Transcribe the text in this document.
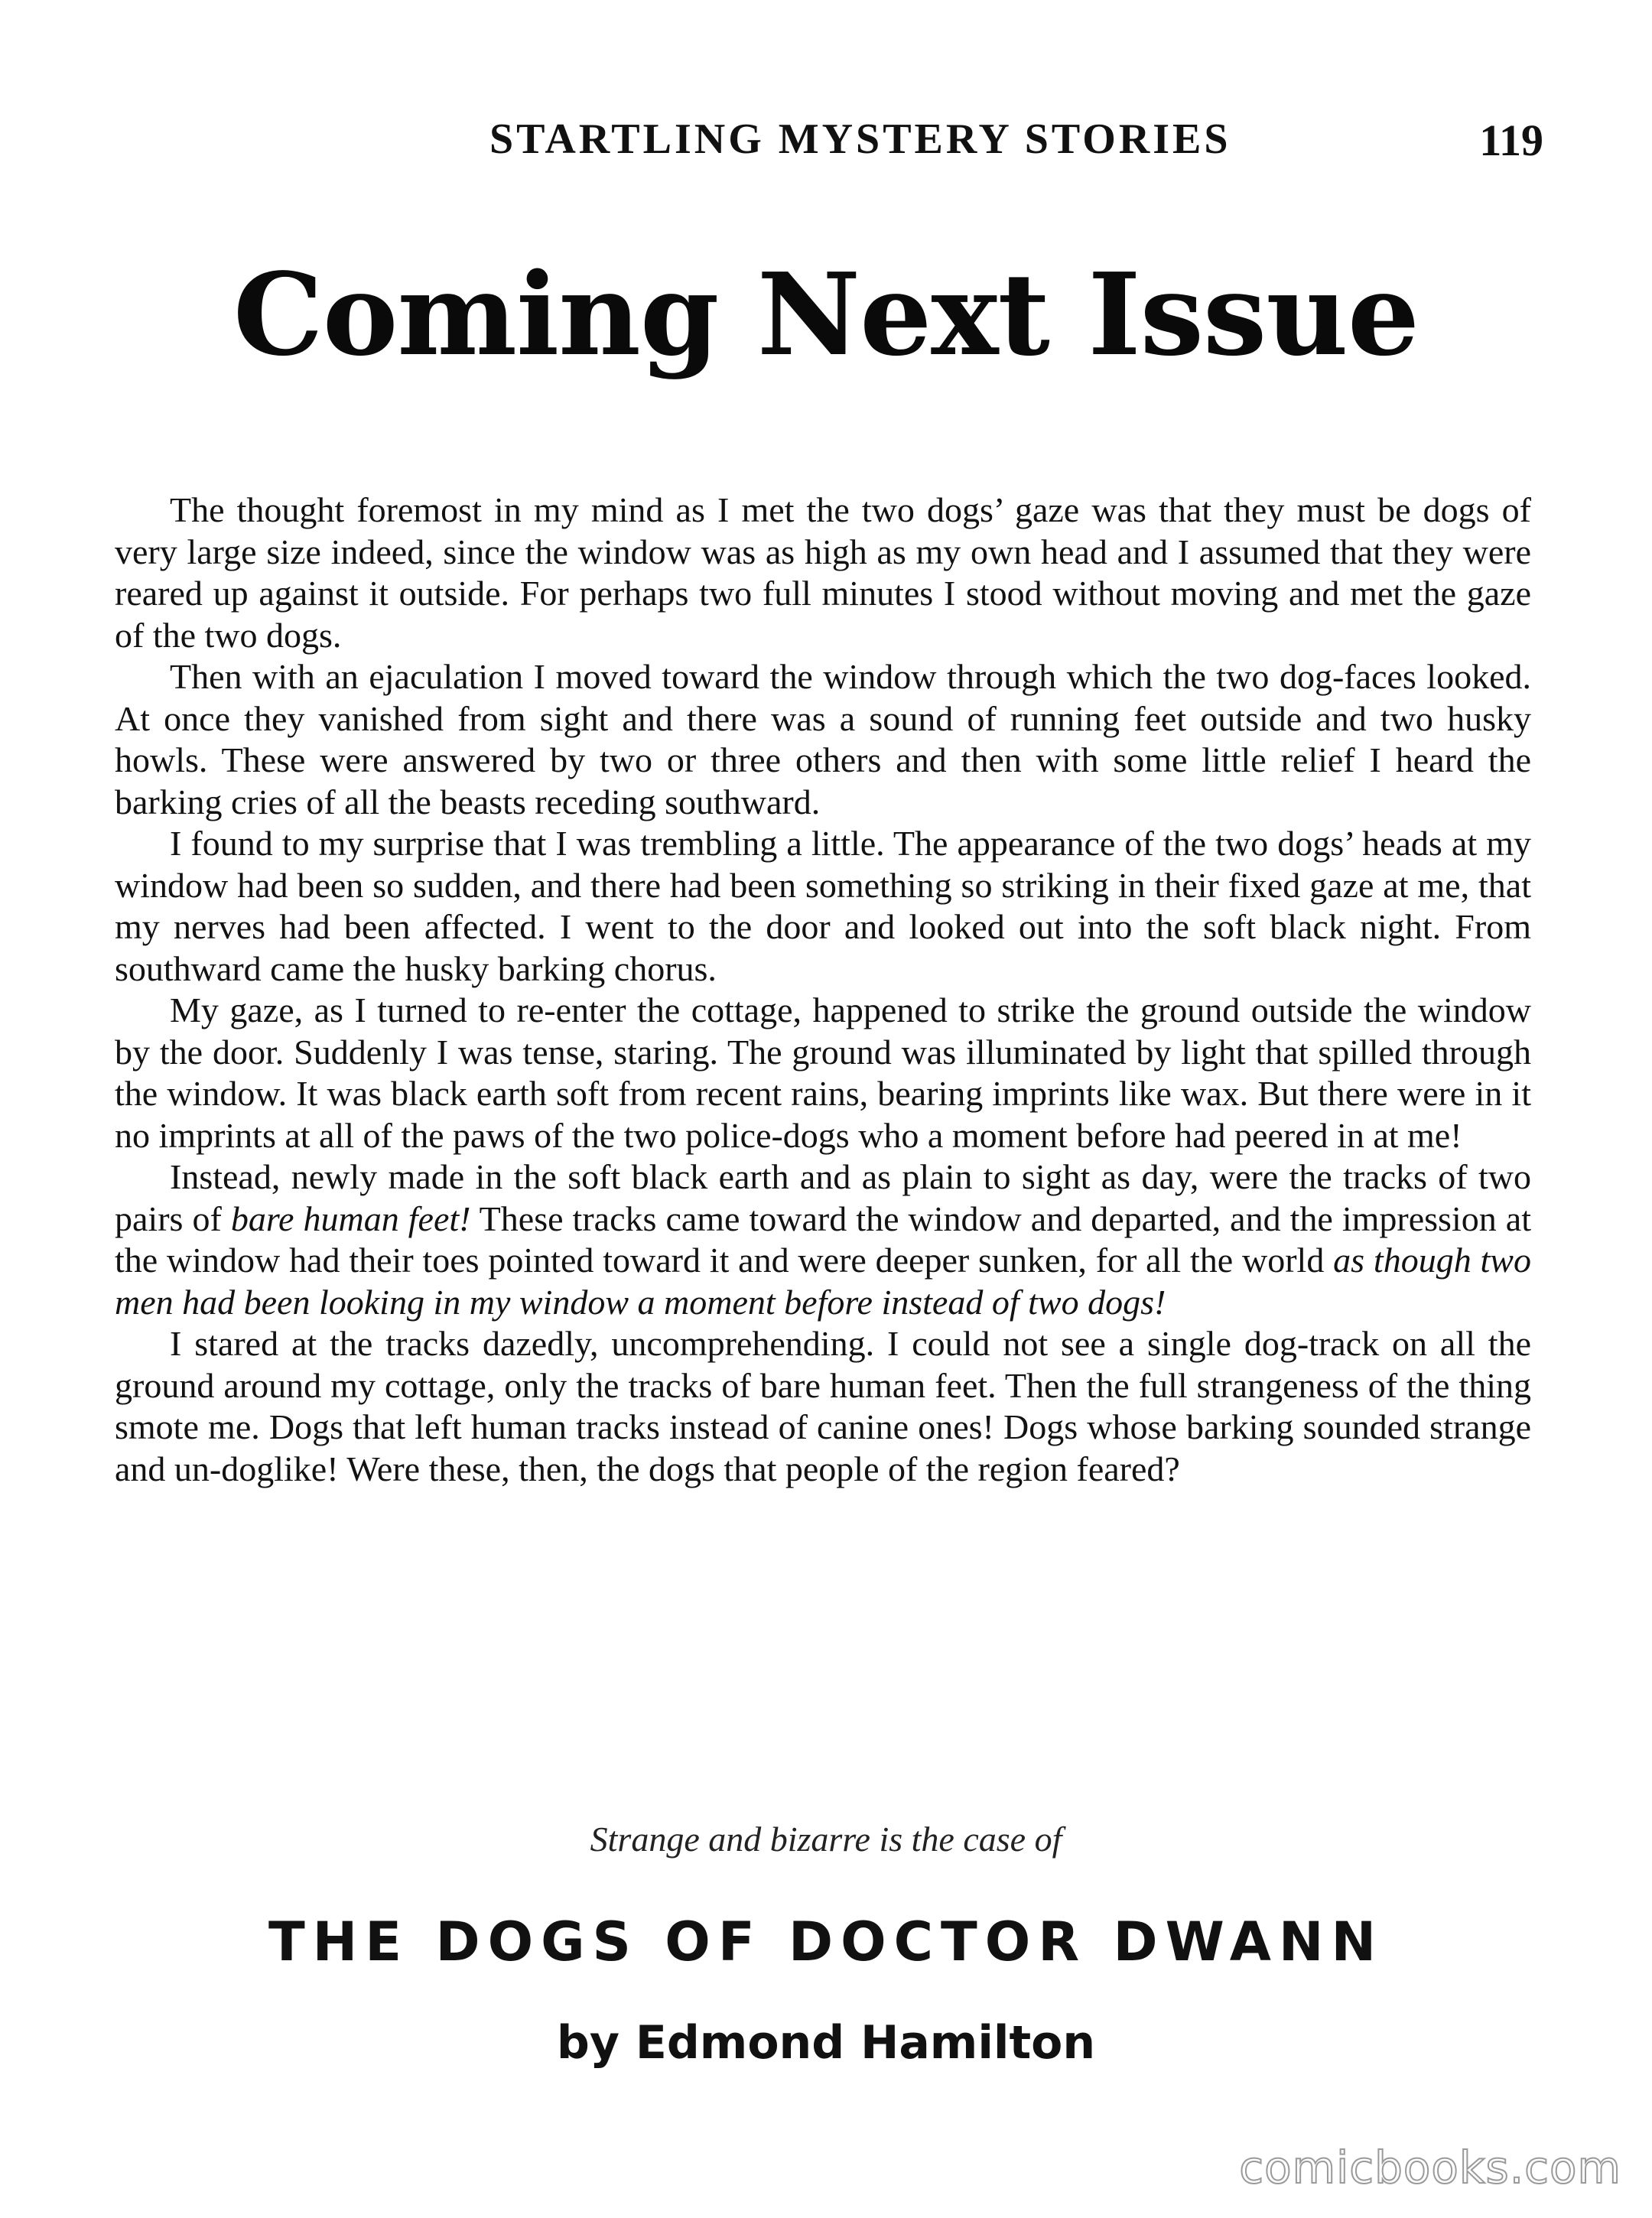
STARTLING MYSTERY STORIES	119
Coming Next Issue

The thought foremost in my mind as I met the two dogs’ gaze was that they must be dogs of very large size indeed, since the window was as high as my own head and I assumed that they were reared up against it outside. For perhaps two full minutes I stood without moving and met the gaze of the two dogs.

Then with an ejaculation I moved toward the window through which the two dog-faces looked. At once they vanished from sight and there was a sound of running feet outside and two husky howls. These were answered by two or three others and then with some little relief I heard the barking cries of all the beasts receding southward.

I found to my surprise that I was trembling a little. The appearance of the two dogs’ heads at my window had been so sudden, and there had been something so striking in their fixed gaze at me, that my nerves had been affected. I went to the door and looked out into the soft black night. From southward came the husky barking chorus.

My gaze, as I turned to re-enter the cottage, happened to strike the ground outside the window by the door. Suddenly I was tense, staring. The ground was illuminated by light that spilled through the window. It was black earth soft from recent rains, bearing imprints like wax. But there were in it no imprints at all of the paws of the two police-dogs who a moment before had peered in at me!

Instead, newly made in the soft black earth and as plain to sight as day, were the tracks of two pairs of bare human feet! These tracks came toward the window and departed, and the impression at the window had their toes pointed toward it and were deeper sunken, for all the world as though two men had been looking in my window a moment before instead of two dogs!

I stared at the tracks dazedly, uncomprehending. I could not see a single dog-track on all the ground around my cottage, only the tracks of bare human feet. Then the full strangeness of the thing smote me. Dogs that left human tracks instead of canine ones! Dogs whose barking sounded strange and un-doglike! Were these, then, the dogs that people of the region feared?

Strange and bizarre is the case of
THE DOGS OF DOCTOR DWANN
by Edmond Hamilton
comicbooks.com
